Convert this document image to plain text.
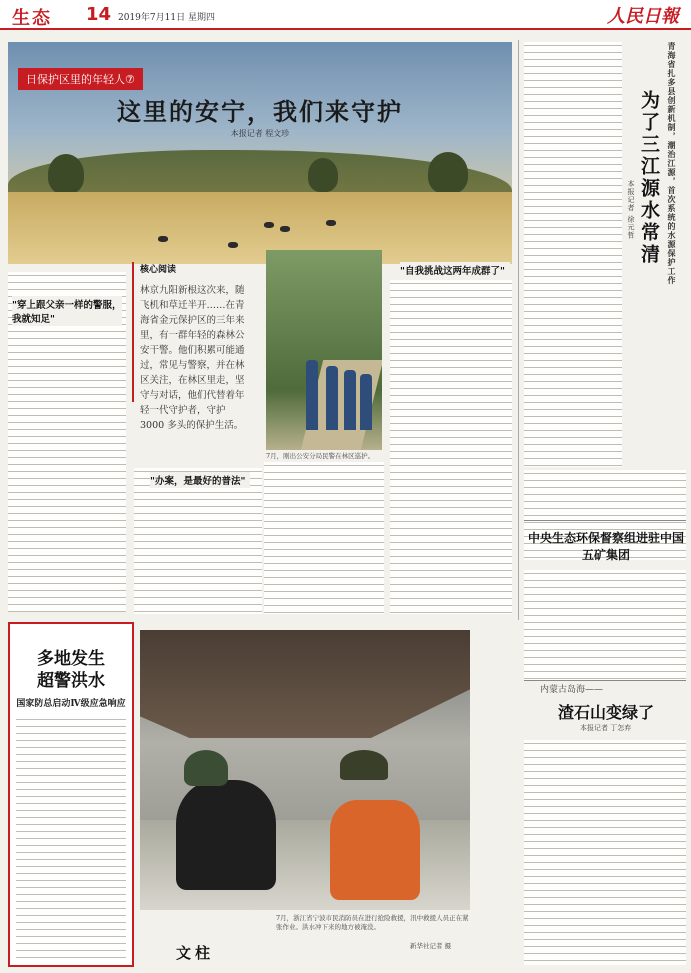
生态 14 2019年7月11日 星期四	人民日報
日保护区里的年轻人⑦
这里的安宁，我们来守护
本报记者 程文珍
"穿上跟父亲一样的警服，我就知足"
核心阅读
林京九阳新根这次来，随飞机和草迁半开……在青海省金元保护区的三年来里，有一群年轻的森林公安干警。他们积累可能通过，常见与警察，并在林区关注，在林区里走，坚守与对话，他们代替着年轻一代守护者，守护 3000 多头的保护生活。
7月，刚出公安分局民警在林区巡护。
"办案，是最好的普法"
"自我挑战这两年成群了"
为了三江源水常清 青海省扎多县创新机制，潮治江源，首次系统的水源保护工作
本报记者 徐元哲
中央生态环保督察组进驻中国五矿集团
内蒙古岛海——
渣石山变绿了
本报记者 丁怎弃
多地发生
超警洪水
国家防总启动Ⅳ级应急响应
7月，浙江省宁波市民消防员在进行抢险救援，汛中救援人员正在紧张作业。洪水冲下来的地方被淹没。
新华社记者 摄
文柱
